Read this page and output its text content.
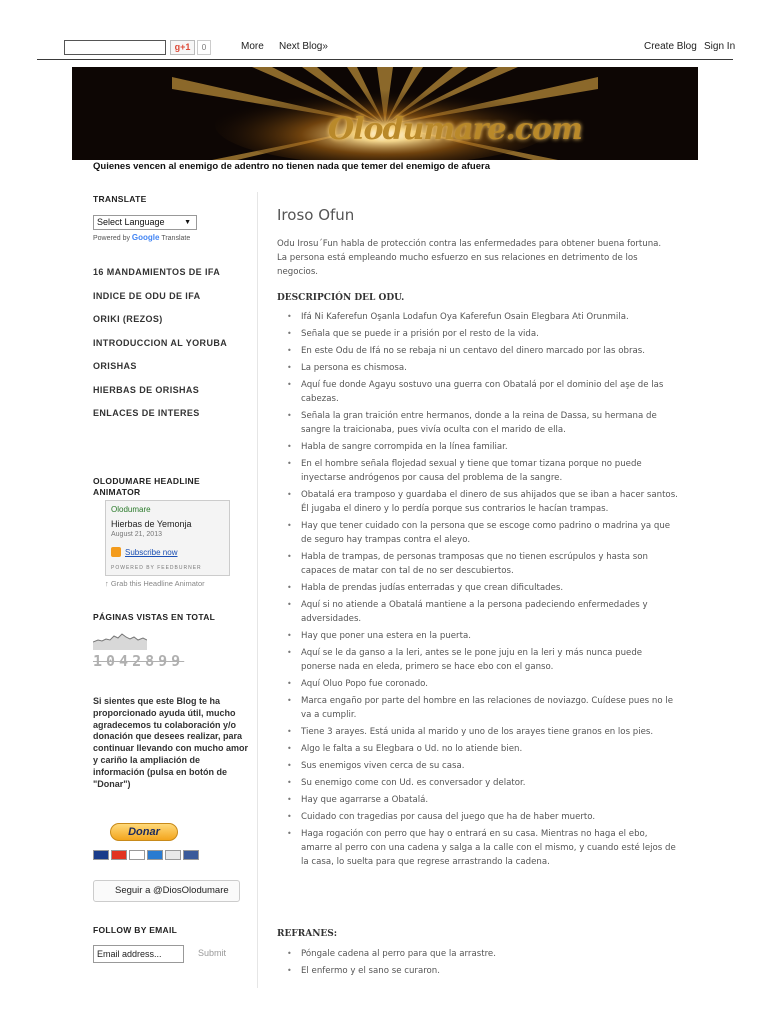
g+1	0	More Next Blog»	Create Blog Sign In
Olodumare.com
Quienes vencen al enemigo de adentro no tienen nada que temer del enemigo de afuera
TRANSLATE
Select Language	▼
Powered by Google Translate
16 MANDAMIENTOS DE IFA
INDICE DE ODU DE IFA
ORIKI (REZOS)
INTRODUCCION AL YORUBA
ORISHAS
HIERBAS DE ORISHAS
ENLACES DE INTERES
OLODUMARE HEADLINE ANIMATOR
Olodumare
Hierbas de Yemonja
August 21, 2013
Subscribe now
POWERED BY FEEDBURNER
↑ Grab this Headline Animator
PÁGINAS VISTAS EN TOTAL
1042899
Si sientes que este Blog te ha proporcionado ayuda útil, mucho agradecemos tu colaboración y/o donación que desees realizar, para continuar llevando con mucho amor y cariño la ampliación de información (pulsa en botón de "Donar")
Donar
Seguir a @DiosOlodumare
FOLLOW BY EMAIL
Email address...	Submit
Iroso Ofun

Odu Irosu´Fun habla de protección contra las enfermedades para obtener buena fortuna.

La persona está empleando mucho esfuerzo en sus relaciones en detrimento de los negocios.

DESCRIPCIÓN DEL ODU.
• Ifá Ni Kaferefun Oşanla Lodafun Oya Kaferefun Osain Elegbara Ati Orunmila.
• Señala que se puede ir a prisión por el resto de la vida.
• En este Odu de Ifá no se rebaja ni un centavo del dinero marcado por las obras.
• La persona es chismosa.
• Aquí fue donde Agayu sostuvo una guerra con Obatalá por el dominio del aşe de las cabezas.
• Señala la gran traición entre hermanos, donde a la reina de Dassa, su hermana de sangre la traicionaba, pues vivía oculta con el marido de ella.
• Habla de sangre corrompida en la línea familiar.
• En el hombre señala flojedad sexual y tiene que tomar tizana porque no puede inyectarse andrógenos por causa del problema de la sangre.
• Obatalá era tramposo y guardaba el dinero de sus ahijados que se iban a hacer santos. Él jugaba el dinero y lo perdía porque sus contrarios le hacían trampas.
• Hay que tener cuidado con la persona que se escoge como padrino o madrina ya que de seguro hay trampas contra el aleyo.
• Habla de trampas, de personas tramposas que no tienen escrúpulos y hasta son capaces de matar con tal de no ser descubiertos.
• Habla de prendas judías enterradas y que crean dificultades.
• Aquí si no atiende a Obatalá mantiene a la persona padeciendo enfermedades y adversidades.
• Hay que poner una estera en la puerta.
• Aquí se le da ganso a la leri, antes se le pone juju en la leri y más nunca puede ponerse nada en eleda, primero se hace ebo con el ganso.
• Aquí Oluo Popo fue coronado.
• Marca engaño por parte del hombre en las relaciones de noviazgo. Cuídese pues no le va a cumplir.
• Tiene 3 arayes. Está unida al marido y uno de los arayes tiene granos en los pies.
• Algo le falta a su Elegbara o Ud. no lo atiende bien.
• Sus enemigos viven cerca de su casa.
• Su enemigo come con Ud. es conversador y delator.
• Hay que agarrarse a Obatalá.
• Cuidado con tragedias por causa del juego que ha de haber muerto.
• Haga rogación con perro que hay o entrará en su casa. Mientras no haga el ebo, amarre al perro con una cadena y salga a la calle con el mismo, y cuando esté lejos de la casa, lo suelta para que regrese arrastrando la cadena.
REFRANES:
• Póngale cadena al perro para que la arrastre.
• El enfermo y el sano se curaron.
